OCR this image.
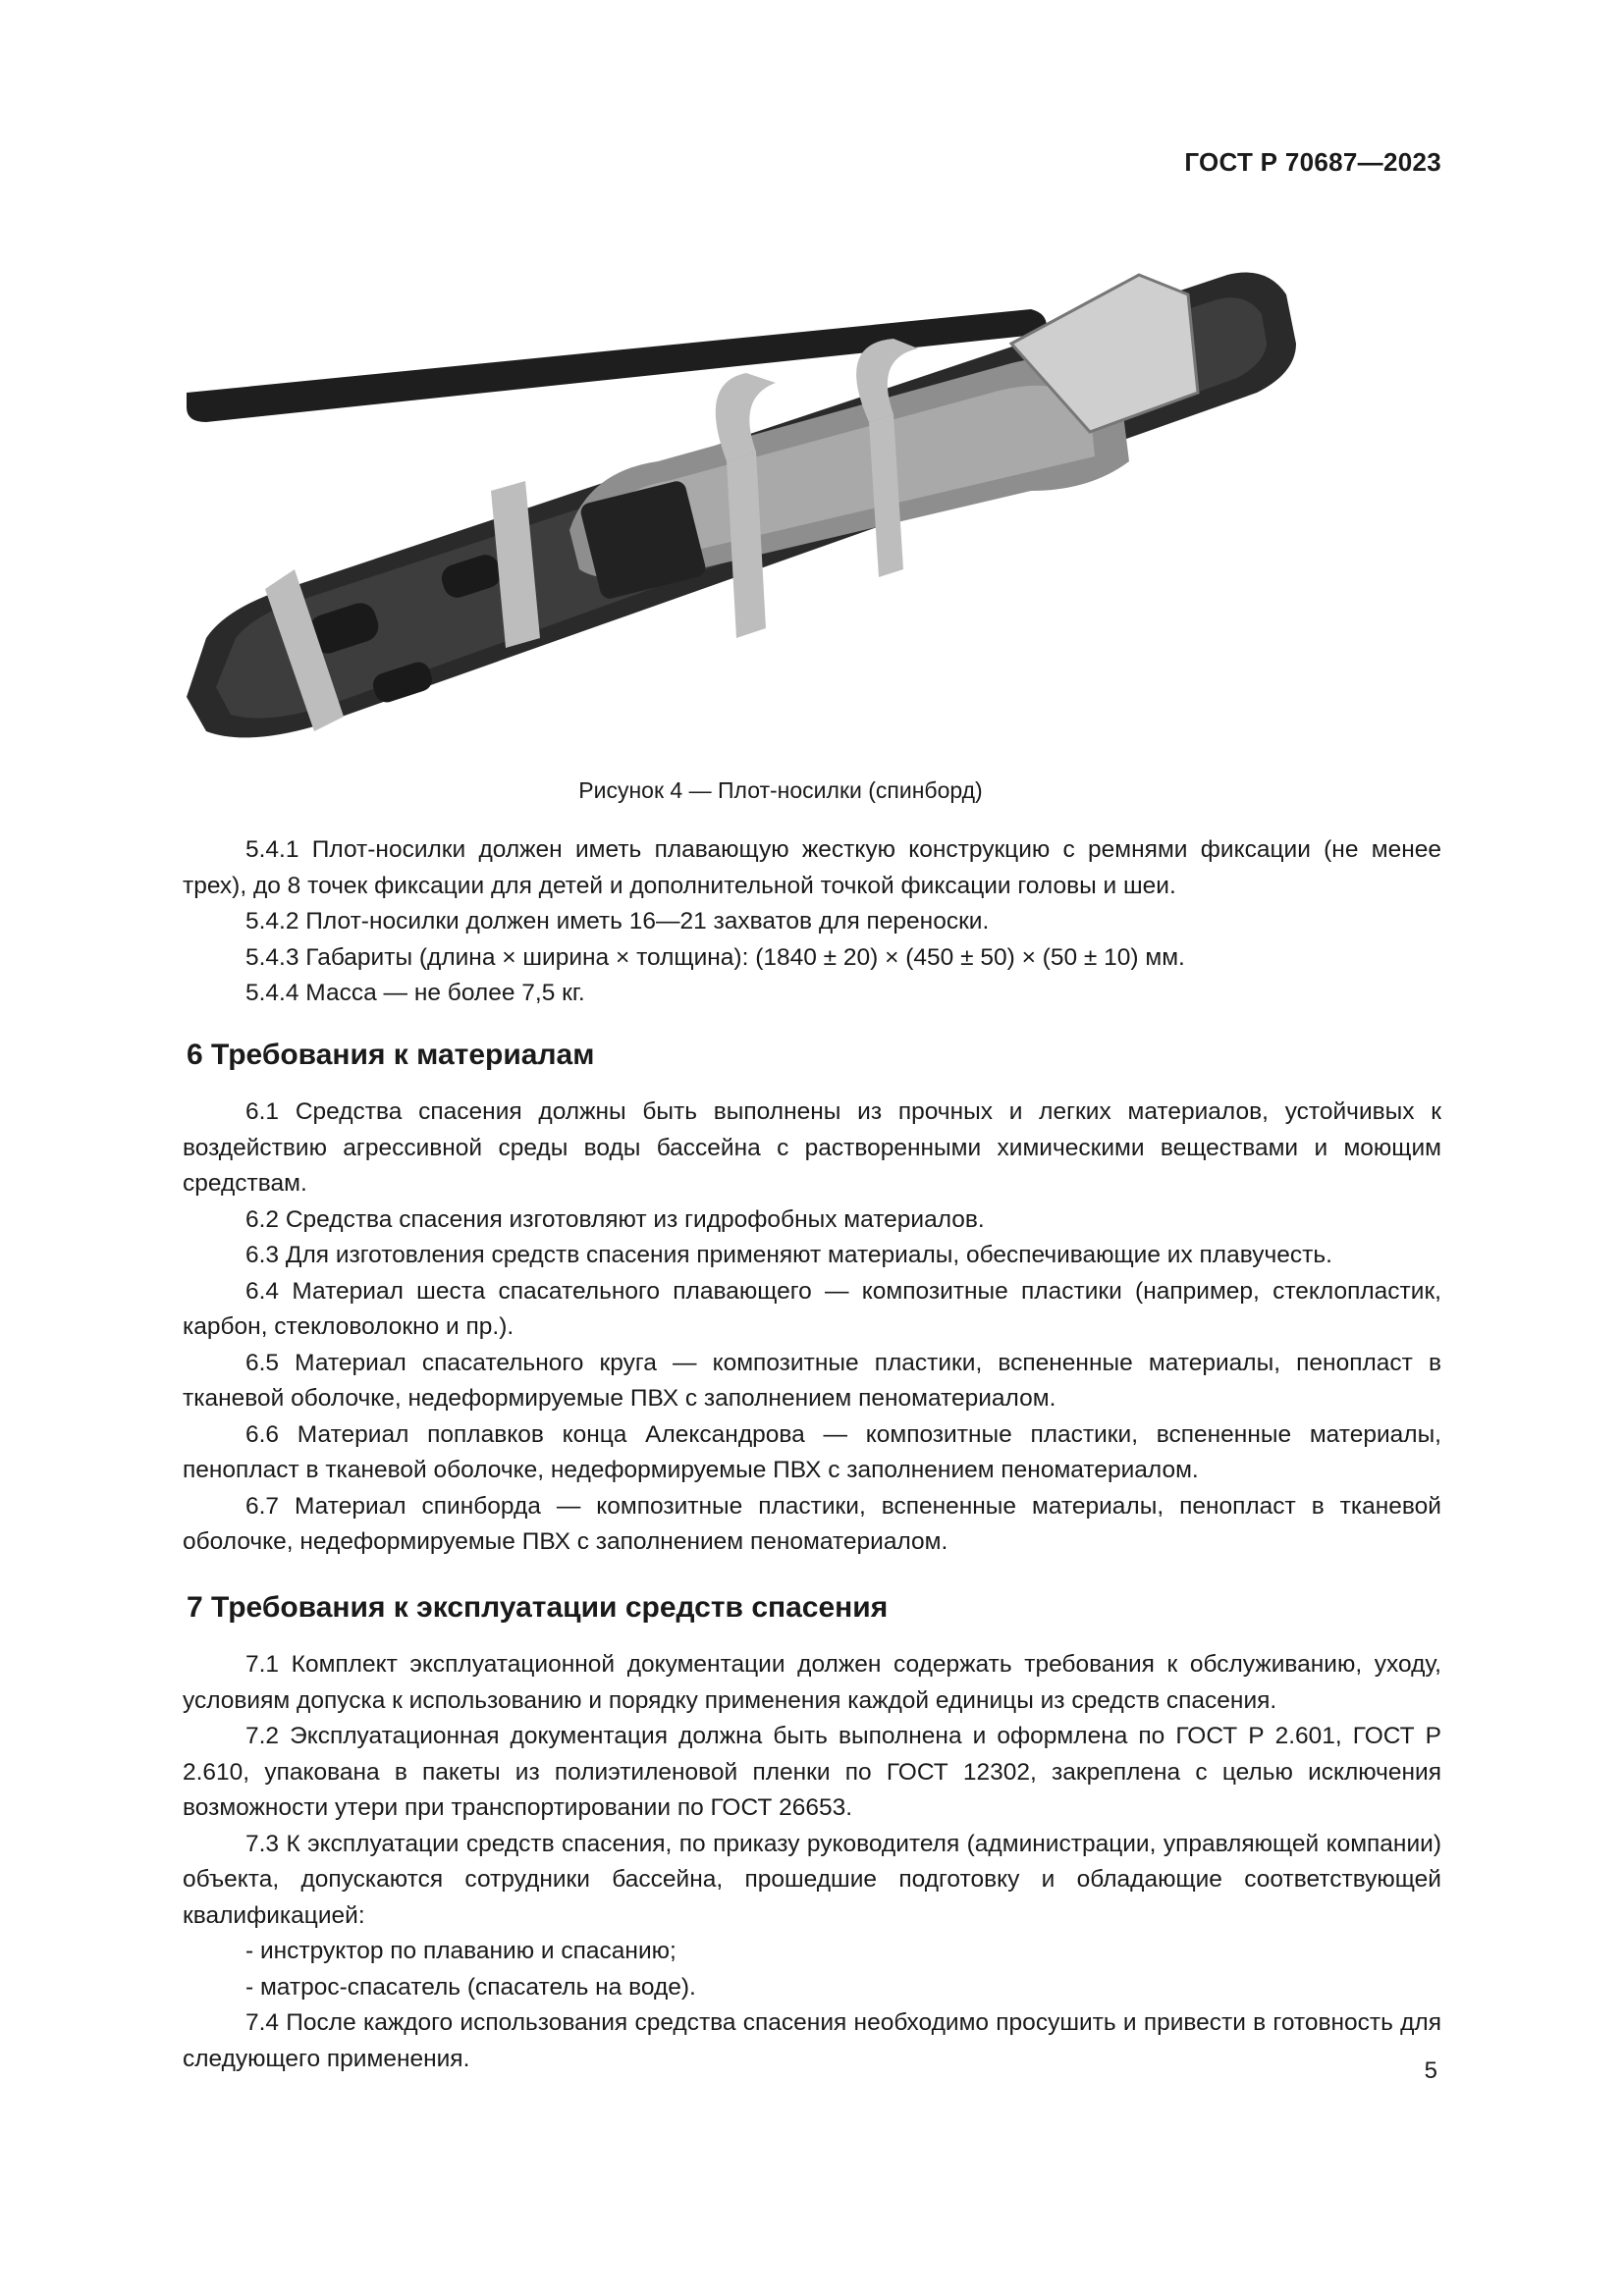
ГОСТ Р 70687—2023
Рисунок 4 — Плот-носилки (спинборд)

5.4.1 Плот-носилки должен иметь плавающую жесткую конструкцию с ремнями фиксации (не менее трех), до 8 точек фиксации для детей и дополнительной точкой фиксации головы и шеи.

5.4.2 Плот-носилки должен иметь 16—21 захватов для переноски.

5.4.3 Габариты (длина × ширина × толщина): (1840 ± 20) × (450 ± 50) × (50 ± 10) мм.

5.4.4 Масса — не более 7,5 кг.

6 Требования к материалам

6.1 Средства спасения должны быть выполнены из прочных и легких материалов, устойчивых к воздействию агрессивной среды воды бассейна с растворенными химическими веществами и моющим средствам.

6.2 Средства спасения изготовляют из гидрофобных материалов.

6.3 Для изготовления средств спасения применяют материалы, обеспечивающие их плавучесть.

6.4 Материал шеста спасательного плавающего — композитные пластики (например, стеклопластик, карбон, стекловолокно и пр.).

6.5 Материал спасательного круга — композитные пластики, вспененные материалы, пенопласт в тканевой оболочке, недеформируемые ПВХ с заполнением пеноматериалом.

6.6 Материал поплавков конца Александрова — композитные пластики, вспененные материалы, пенопласт в тканевой оболочке, недеформируемые ПВХ с заполнением пеноматериалом.

6.7 Материал спинборда — композитные пластики, вспененные материалы, пенопласт в тканевой оболочке, недеформируемые ПВХ с заполнением пеноматериалом.

7 Требования к эксплуатации средств спасения

7.1 Комплект эксплуатационной документации должен содержать требования к обслуживанию, уходу, условиям допуска к использованию и порядку применения каждой единицы из средств спасения.

7.2 Эксплуатационная документация должна быть выполнена и оформлена по ГОСТ Р 2.601, ГОСТ Р 2.610, упакована в пакеты из полиэтиленовой пленки по ГОСТ 12302, закреплена с целью исключения возможности утери при транспортировании по ГОСТ 26653.

7.3 К эксплуатации средств спасения, по приказу руководителя (администрации, управляющей компании) объекта, допускаются сотрудники бассейна, прошедшие подготовку и обладающие соответствующей квалификацией:

- инструктор по плаванию и спасанию;

- матрос-спасатель (спасатель на воде).

7.4 После каждого использования средства спасения необходимо просушить и привести в готовность для следующего применения.	5
